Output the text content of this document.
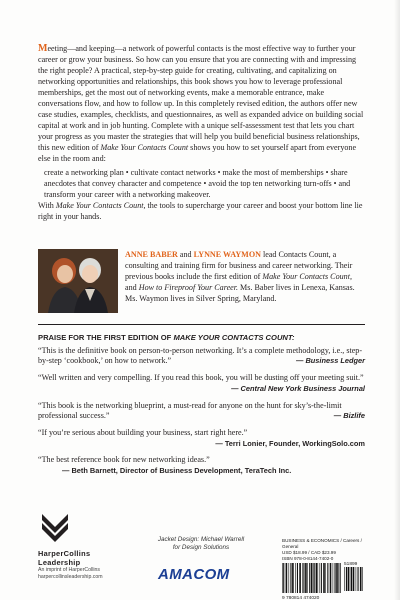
Meeting—and keeping—a network of powerful contacts is the most effective way to further your career or grow your business. So how can you ensure that you are connecting with and impressing the right people? A practical, step-by-step guide for creating, cultivating, and capitalizing on networking opportunities and relationships, this book shows you how to leverage professional memberships, get the most out of networking events, make a memorable entrance, make conversations flow, and how to follow up. In this completely revised edition, the authors offer new case studies, examples, checklists, and questionnaires, as well as expanded advice on building social capital at work and in job hunting. Complete with a unique self-assessment test that lets you chart your progress as you master the strategies that will help you build beneficial business relationships, this new edition of Make Your Contacts Count shows you how to set yourself apart from everyone else in the room and:

create a networking plan • cultivate contact networks • make the most of memberships • share anecdotes that convey character and competence • avoid the top ten networking turn-offs • and transform your career with a networking makeover.

With Make Your Contacts Count, the tools to supercharge your career and boost your bottom line lie right in your hands.

ANNE BABER and LYNNE WAYMON lead Contacts Count, a consulting and training firm for business and career networking. Their previous books include the first edition of Make Your Contacts Count, and How to Fireproof Your Career. Ms. Baber lives in Lenexa, Kansas. Ms. Waymon lives in Silver Spring, Maryland.
PRAISE FOR THE FIRST EDITION OF MAKE YOUR CONTACTS COUNT:
“This is the definitive book on person-to-person networking. It’s a complete methodology, i.e., step-by-step ‘cookbook,’ on how to network.”	— Business Ledger
“Well written and very compelling. If you read this book, you will be dusting off your meeting suit.”
— Central New York Business Journal
“This book is the networking blueprint, a must-read for anyone on the hunt for sky’s-the-limit professional success.”	— Bizlife
“If you’re serious about building your business, start right here.”
— Terri Lonier, Founder, WorkingSolo.com
“The best reference book for new networking ideas.”
— Beth Barnett, Director of Business Development, TeraTech Inc.
HarperCollins
Leadership
An imprint of HarperCollins
harpercollinsleadership.com
Jacket Design: Michael Warrell
for Design Solutions
AMACOM
BUSINESS & ECONOMICS / Careers / General
USD $18.99 / CAD $23.99
ISBN 978-0-8144-7402-0
51899
9 780814 474020
